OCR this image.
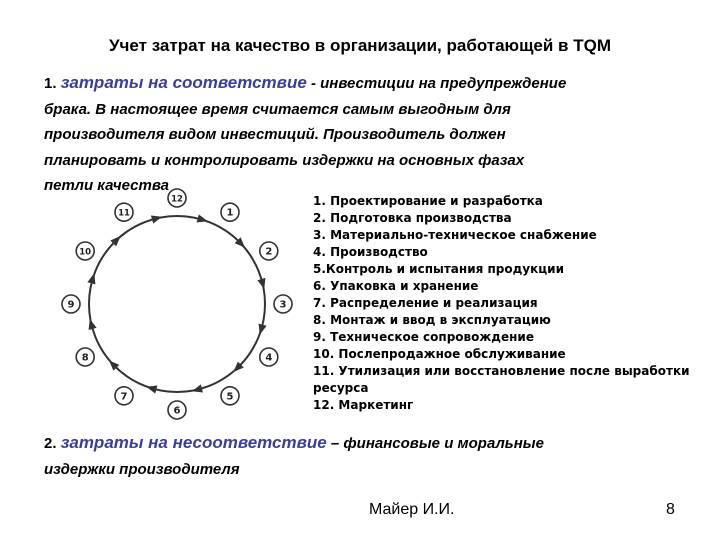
Учет затрат на качество в организации, работающей в TQM
1. затраты на соответствие - инвестиции на предупреждение
брака. В настоящее время считается самым выгодным для
производителя видом инвестиций. Производитель должен
планировать и контролировать издержки на основных фазах
петли качества
1
2
3
4
5
6
7
8
9
10
11
12	1. Проектирование и разработка
2. Подготовка производства
3. Материально-техническое снабжение
4. Производство
5.Контроль и испытания продукции
6. Упаковка и хранение
7. Распределение и реализация
8. Монтаж и ввод в эксплуатацию
9. Техническое сопровождение
10. Послепродажное обслуживание
11. Утилизация или восстановление после выработки ресурса
12. Маркетинг
2. затраты на несоответствие – финансовые и моральные
издержки производителя
Майер И.И.	8
